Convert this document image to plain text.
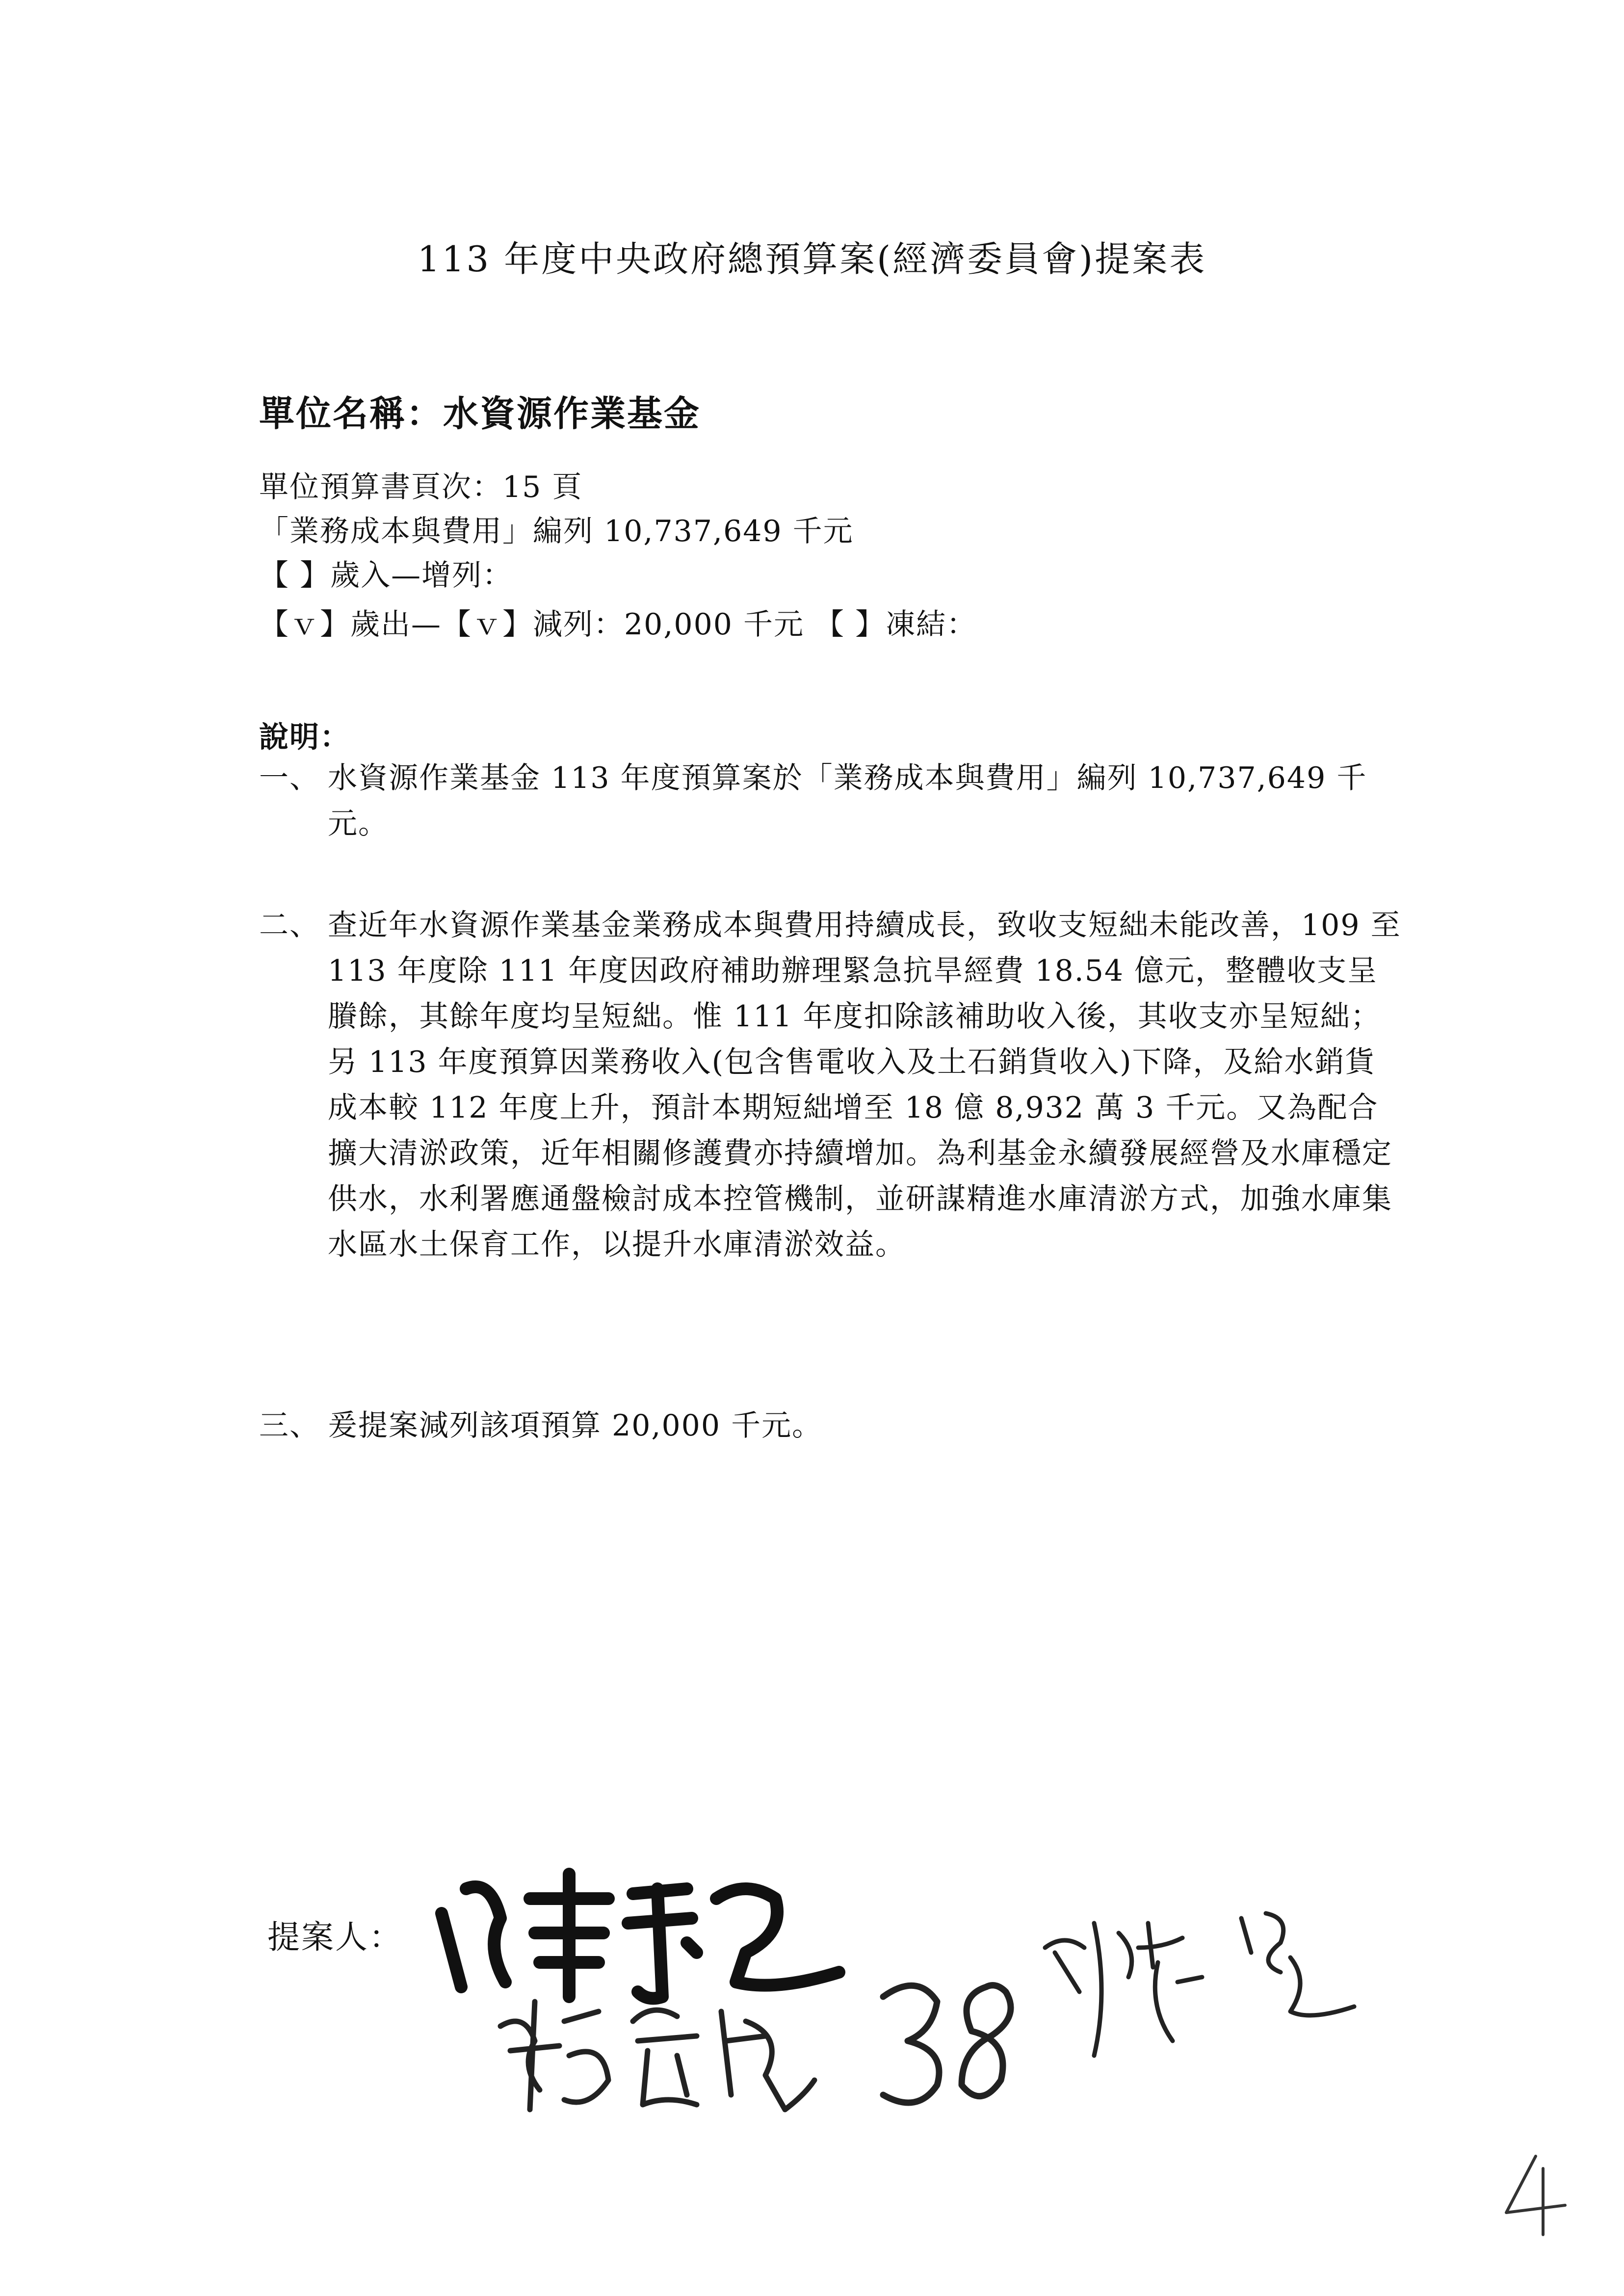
113 年度中央政府總預算案(經濟委員會)提案表
單位名稱：水資源作業基金
單位預算書頁次：15 頁
「業務成本與費用」編列 10,737,649 千元
【 】歲入—增列：
【ｖ】歲出—【ｖ】減列：20,000 千元 【 】凍結：
說明：
一、 水資源作業基金 113 年度預算案於「業務成本與費用」編列 10,737,649 千元。
二、 查近年水資源作業基金業務成本與費用持續成長，致收支短絀未能改善，109 至 113 年度除 111 年度因政府補助辦理緊急抗旱經費 18.54 億元，整體收支呈賸餘，其餘年度均呈短絀。惟 111 年度扣除該補助收入後，其收支亦呈短絀；另 113 年度預算因業務收入(包含售電收入及土石銷貨收入)下降，及給水銷貨成本較 112 年度上升，預計本期短絀增至 18 億 8,932 萬 3 千元。又為配合擴大清淤政策，近年相關修護費亦持續增加。為利基金永續發展經營及水庫穩定供水，水利署應通盤檢討成本控管機制，並研謀精進水庫清淤方式，加強水庫集水區水土保育工作，以提升水庫清淤效益。
三、 爰提案減列該項預算 20,000 千元。
提案人：
